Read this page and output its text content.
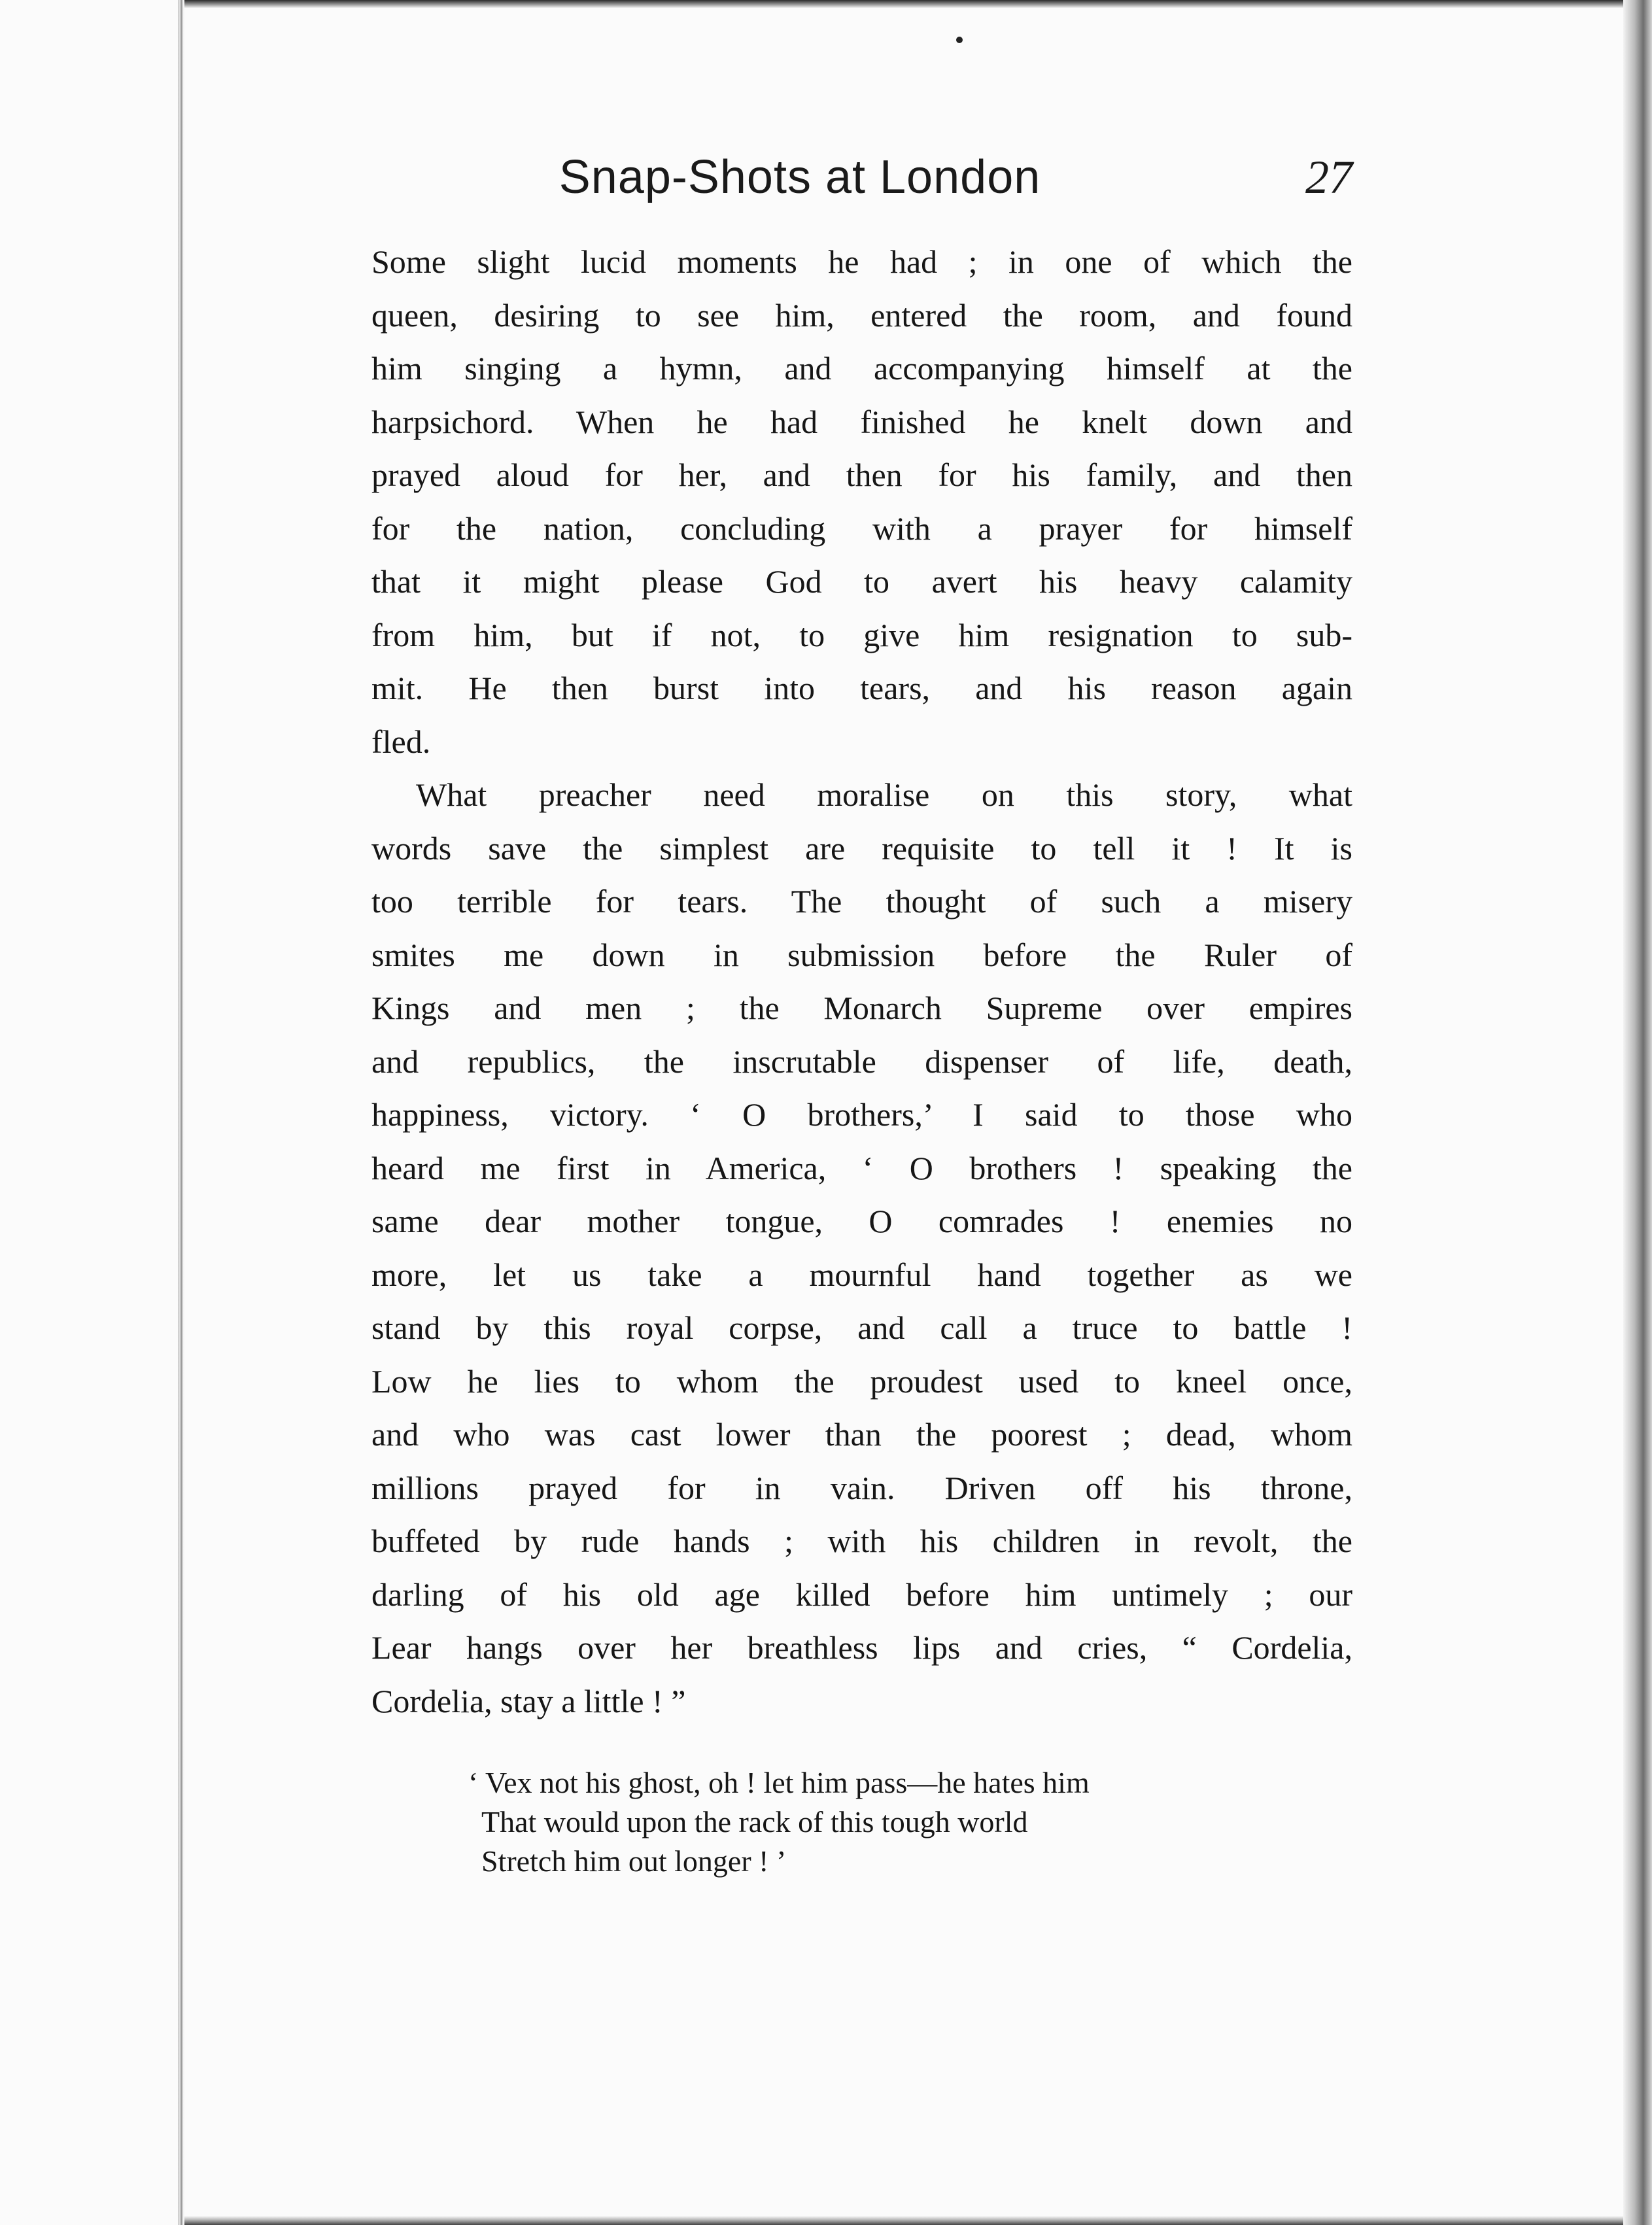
Snap-Shots at London	27

Some slight lucid moments he had ; in one of which the
queen, desiring to see him, entered the room, and found
him singing a hymn, and accompanying himself at the
harpsichord. When he had finished he knelt down and
prayed aloud for her, and then for his family, and then
for the nation, concluding with a prayer for himself
that it might please God to avert his heavy calamity
from him, but if not, to give him resignation to sub-
mit. He then burst into tears, and his reason again
fled.

What preacher need moralise on this story, what
words save the simplest are requisite to tell it ! It is
too terrible for tears. The thought of such a misery
smites me down in submission before the Ruler of
Kings and men ; the Monarch Supreme over empires
and republics, the inscrutable dispenser of life, death,
happiness, victory. ‘ O brothers,’ I said to those who
heard me first in America, ‘ O brothers ! speaking the
same dear mother tongue, O comrades ! enemies no
more, let us take a mournful hand together as we
stand by this royal corpse, and call a truce to battle !
Low he lies to whom the proudest used to kneel once,
and who was cast lower than the poorest ; dead, whom
millions prayed for in vain. Driven off his throne,
buffeted by rude hands ; with his children in revolt, the
darling of his old age killed before him untimely ; our
Lear hangs over her breathless lips and cries, “ Cordelia,
Cordelia, stay a little ! ”

‘ Vex not his ghost, oh ! let him pass—he hates him
That would upon the rack of this tough world
Stretch him out longer ! ’
